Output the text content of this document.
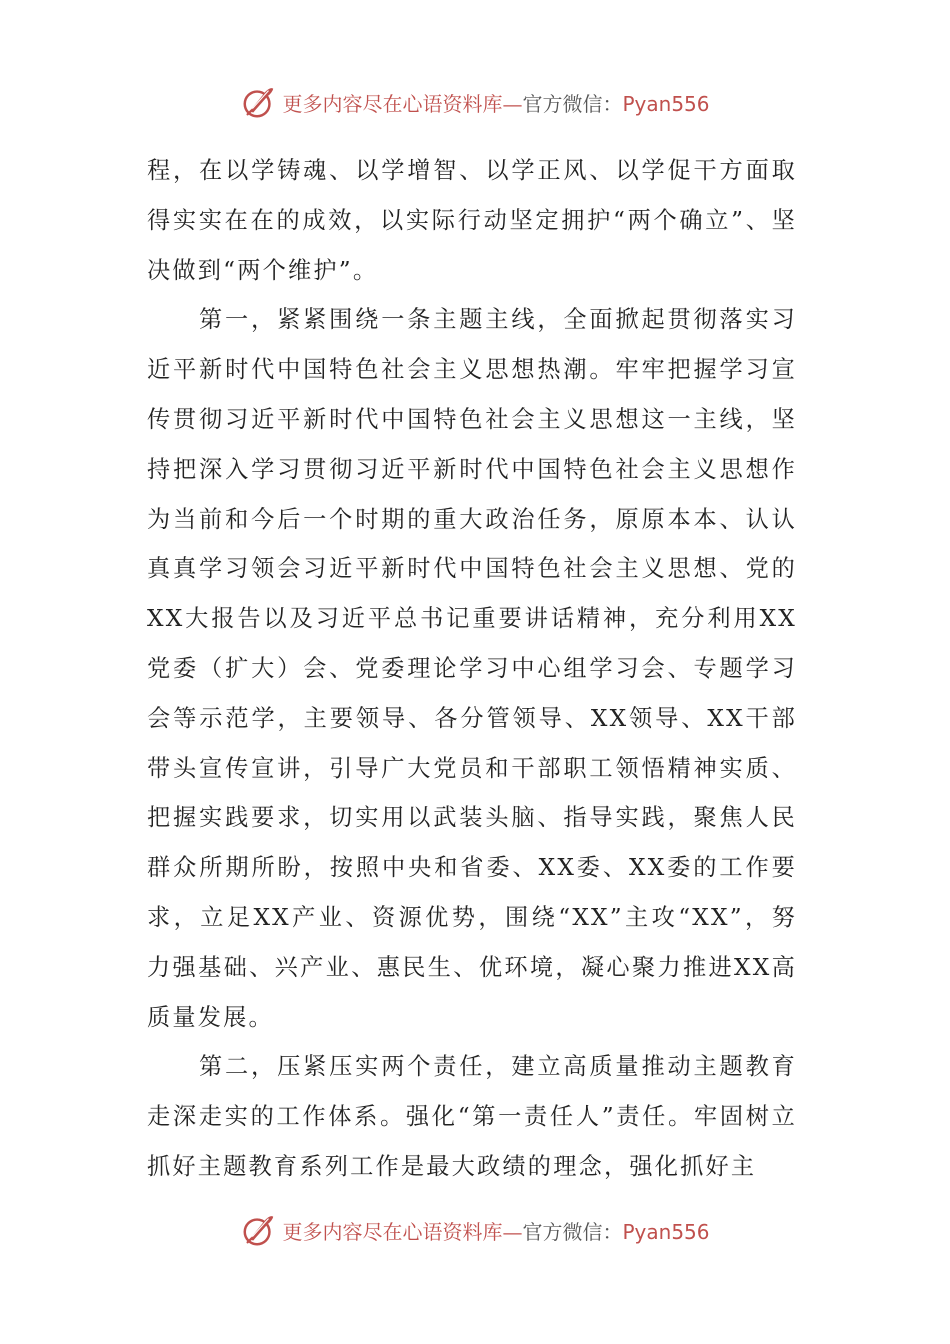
更多内容尽在心语资料库—官方微信：Pyan556

程，在以学铸魂、以学增智、以学正风、以学促干方面取得实实在在的成效，以实际行动坚定拥护“两个确立”、坚决做到“两个维护”。

第一，紧紧围绕一条主题主线，全面掀起贯彻落实习近平新时代中国特色社会主义思想热潮。牢牢把握学习宣传贯彻习近平新时代中国特色社会主义思想这一主线，坚持把深入学习贯彻习近平新时代中国特色社会主义思想作为当前和今后一个时期的重大政治任务，原原本本、认认真真学习领会习近平新时代中国特色社会主义思想、党的XX大报告以及习近平总书记重要讲话精神，充分利用XX党委（扩大）会、党委理论学习中心组学习会、专题学习会等示范学，主要领导、各分管领导、XX领导、XX干部带头宣传宣讲，引导广大党员和干部职工领悟精神实质、把握实践要求，切实用以武装头脑、指导实践，聚焦人民群众所期所盼，按照中央和省委、XX委、XX委的工作要求，立足XX产业、资源优势，围绕“XX”主攻“XX”，努力强基础、兴产业、惠民生、优环境，凝心聚力推进XX高质量发展。

第二，压紧压实两个责任，建立高质量推动主题教育走深走实的工作体系。强化“第一责任人”责任。牢固树立抓好主题教育系列工作是最大政绩的理念，强化抓好主

更多内容尽在心语资料库—官方微信：Pyan556
